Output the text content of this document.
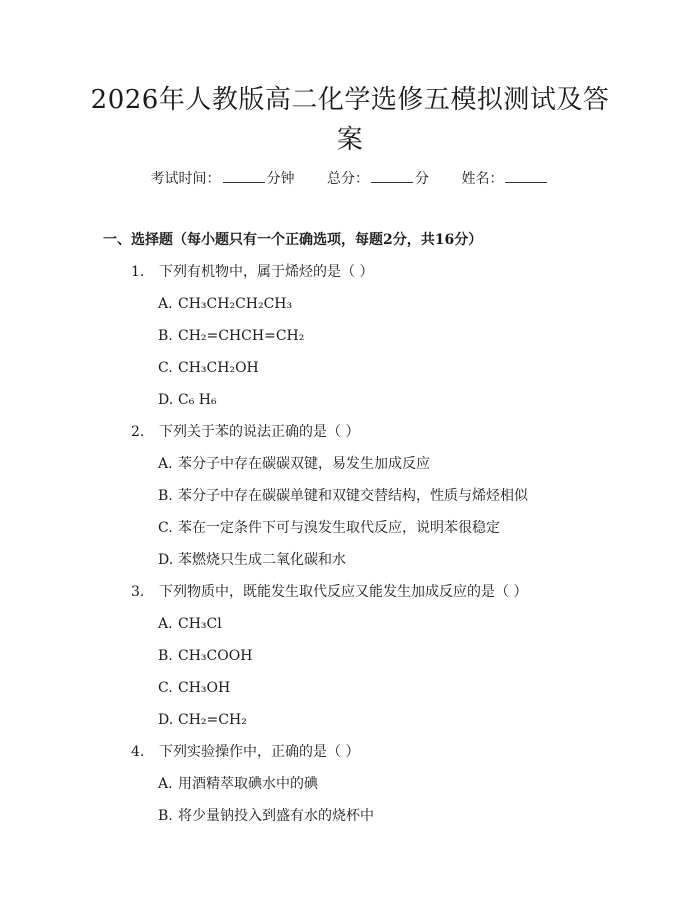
2026年人教版高二化学选修五模拟测试及答案
考试时间：	分钟 总分：	分 姓名：
一、选择题（每小题只有一个正确选项，每题2分，共16分）
1. 下列有机物中，属于烯烃的是（ ）
A. CH₃CH₂CH₂CH₃
B. CH₂=CHCH=CH₂
C. CH₃CH₂OH
D. C₆ H₆
2. 下列关于苯的说法正确的是（ ）
A. 苯分子中存在碳碳双键，易发生加成反应
B. 苯分子中存在碳碳单键和双键交替结构，性质与烯烃相似
C. 苯在一定条件下可与溴发生取代反应，说明苯很稳定
D. 苯燃烧只生成二氧化碳和水
3. 下列物质中，既能发生取代反应又能发生加成反应的是（ ）
A. CH₃Cl
B. CH₃COOH
C. CH₃OH
D. CH₂=CH₂
4. 下列实验操作中，正确的是（ ）
A. 用酒精萃取碘水中的碘
B. 将少量钠投入到盛有水的烧杯中
